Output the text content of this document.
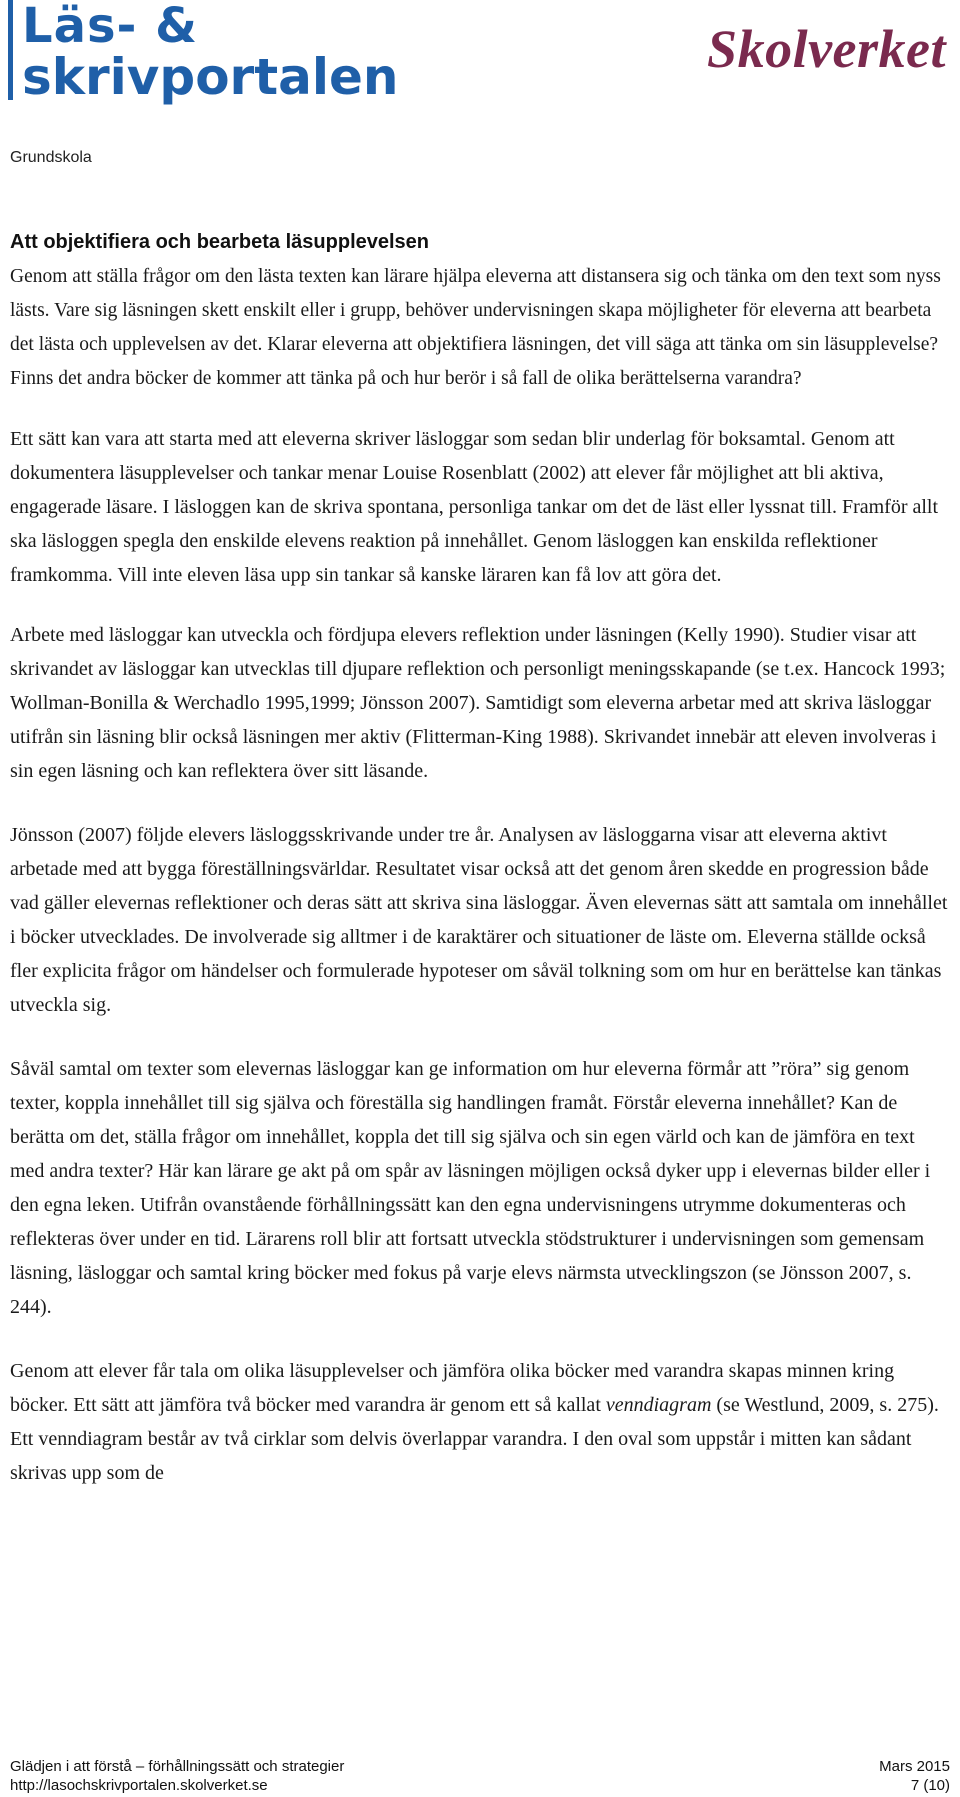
Läs- &
skrivportalen	Skolverket
Grundskola
Att objektifiera och bearbeta läsupplevelsen

Genom att ställa frågor om den lästa texten kan lärare hjälpa eleverna att distansera sig och tänka om den text som nyss lästs. Vare sig läsningen skett enskilt eller i grupp, behöver undervisningen skapa möjligheter för eleverna att bearbeta det lästa och upplevelsen av det. Klarar eleverna att objektifiera läsningen, det vill säga att tänka om sin läsupplevelse? Finns det andra böcker de kommer att tänka på och hur berör i så fall de olika berättelserna varandra?

Ett sätt kan vara att starta med att eleverna skriver läsloggar som sedan blir underlag för boksamtal. Genom att dokumentera läsupplevelser och tankar menar Louise Rosenblatt (2002) att elever får möjlighet att bli aktiva, engagerade läsare. I läsloggen kan de skriva spontana, personliga tankar om det de läst eller lyssnat till. Framför allt ska läsloggen spegla den enskilde elevens reaktion på innehållet. Genom läsloggen kan enskilda reflektioner framkomma. Vill inte eleven läsa upp sin tankar så kanske läraren kan få lov att göra det.

Arbete med läsloggar kan utveckla och fördjupa elevers reflektion under läsningen (Kelly 1990). Studier visar att skrivandet av läsloggar kan utvecklas till djupare reflektion och personligt meningsskapande (se t.ex. Hancock 1993; Wollman-Bonilla & Werchadlo 1995,1999; Jönsson 2007). Samtidigt som eleverna arbetar med att skriva läsloggar utifrån sin läsning blir också läsningen mer aktiv (Flitterman-King 1988). Skrivandet innebär att eleven involveras i sin egen läsning och kan reflektera över sitt läsande.

Jönsson (2007) följde elevers läsloggsskrivande under tre år. Analysen av läsloggarna visar att eleverna aktivt arbetade med att bygga föreställningsvärldar. Resultatet visar också att det genom åren skedde en progression både vad gäller elevernas reflektioner och deras sätt att skriva sina läsloggar. Även elevernas sätt att samtala om innehållet i böcker utvecklades. De involverade sig alltmer i de karaktärer och situationer de läste om. Eleverna ställde också fler explicita frågor om händelser och formulerade hypoteser om såväl tolkning som om hur en berättelse kan tänkas utveckla sig.

Såväl samtal om texter som elevernas läsloggar kan ge information om hur eleverna förmår att ”röra” sig genom texter, koppla innehållet till sig själva och föreställa sig handlingen framåt. Förstår eleverna innehållet? Kan de berätta om det, ställa frågor om innehållet, koppla det till sig själva och sin egen värld och kan de jämföra en text med andra texter? Här kan lärare ge akt på om spår av läsningen möjligen också dyker upp i elevernas bilder eller i den egna leken. Utifrån ovanstående förhållningssätt kan den egna undervisningens utrymme dokumenteras och reflekteras över under en tid. Lärarens roll blir att fortsatt utveckla stödstrukturer i undervisningen som gemensam läsning, läsloggar och samtal kring böcker med fokus på varje elevs närmsta utvecklingszon (se Jönsson 2007, s. 244).

Genom att elever får tala om olika läsupplevelser och jämföra olika böcker med varandra skapas minnen kring böcker. Ett sätt att jämföra två böcker med varandra är genom ett så kallat venndiagram (se Westlund, 2009, s. 275). Ett venndiagram består av två cirklar som delvis överlappar varandra. I den oval som uppstår i mitten kan sådant skrivas upp som de

Glädjen i att förstå – förhållningssätt och strategier	Mars 2015
http://lasochskrivportalen.skolverket.se	7 (10)
